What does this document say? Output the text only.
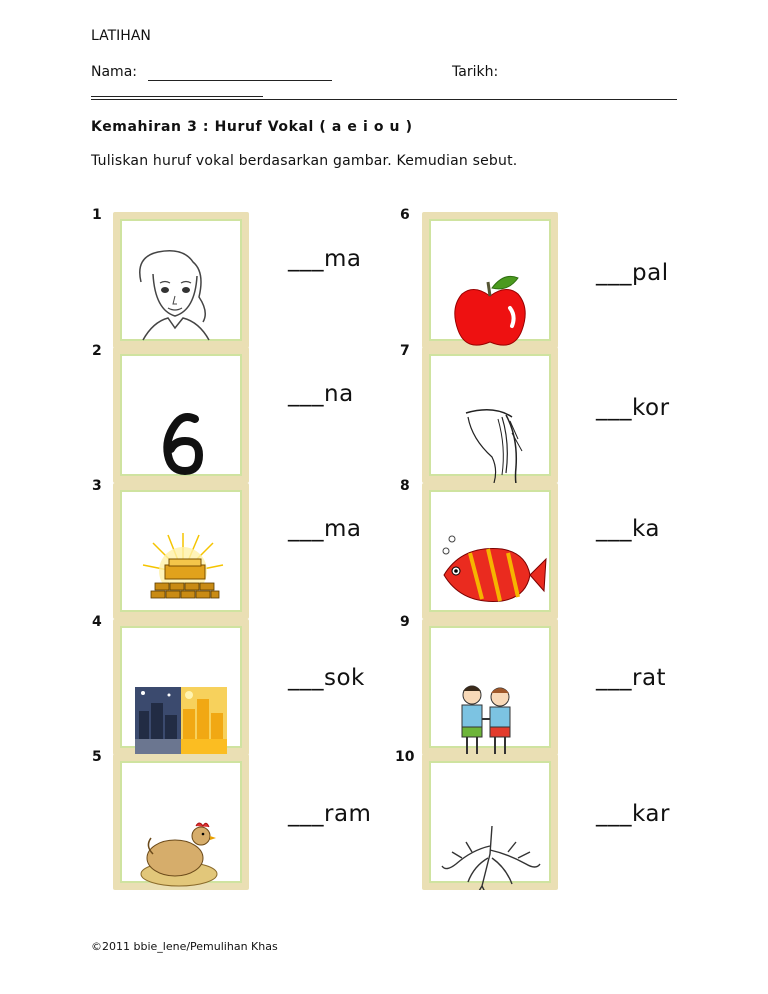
LATIHAN
Nama:	Tarikh:
Kemahiran 3 : Huruf Vokal ( a e i o u )
Tuliskan huruf vokal berdasarkan gambar. Kemudian sebut.
1
___ma
2
___na
3
___ma
4
___sok
5
___ram
6
___pal
7
___kor
8
___ka
9
___rat
10
___kar
©2011 bbie_lene/Pemulihan Khas
